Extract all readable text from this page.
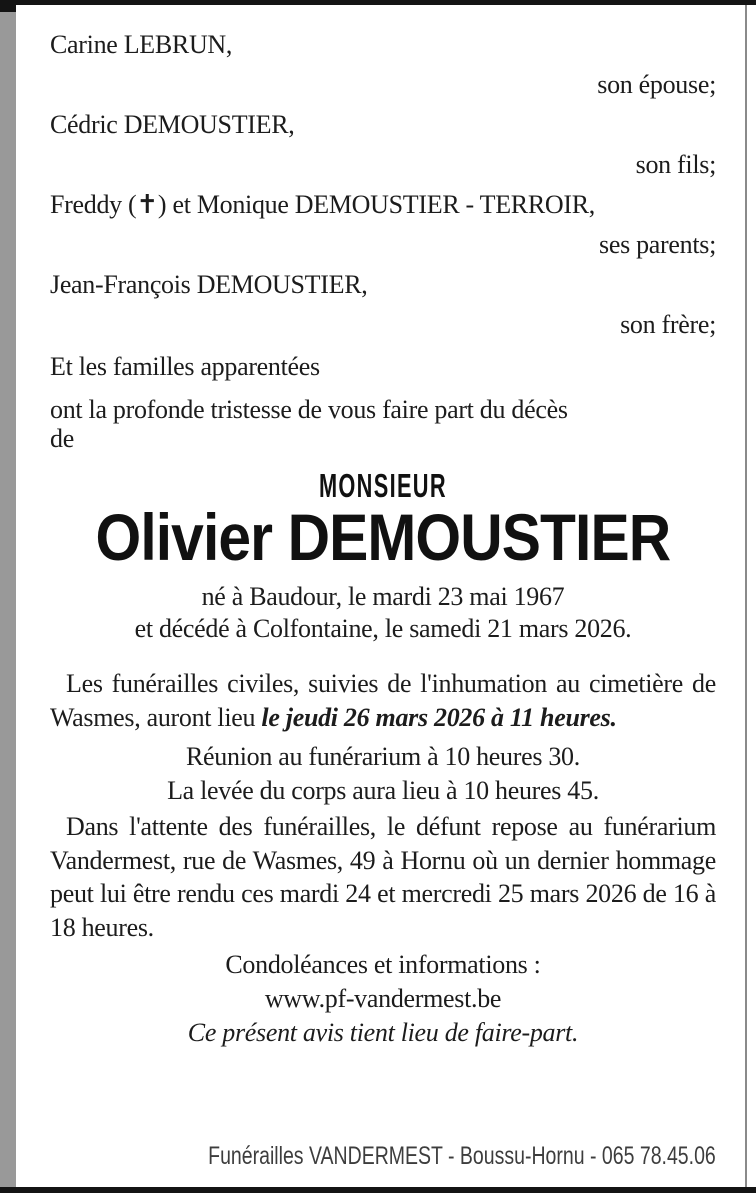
Carine LEBRUN,
son épouse;
Cédric DEMOUSTIER,
son fils;
Freddy (✝) et Monique DEMOUSTIER - TERROIR,
ses parents;
Jean-François DEMOUSTIER,
son frère;
Et les familles apparentées
ont la profonde tristesse de vous faire part du décès
de
MONSIEUR
Olivier DEMOUSTIER
né à Baudour, le mardi 23 mai 1967
et décédé à Colfontaine, le samedi 21 mars 2026.
Les funérailles civiles, suivies de l'inhumation au cimetière de Wasmes, auront lieu le jeudi 26 mars 2026 à 11 heures.
Réunion au funérarium à 10 heures 30.
La levée du corps aura lieu à 10 heures 45.
Dans l'attente des funérailles, le défunt repose au funérarium Vandermest, rue de Wasmes, 49 à Hornu où un dernier hommage peut lui être rendu ces mardi 24 et mercredi 25 mars 2026 de 16 à 18 heures.
Condoléances et informations :
www.pf-vandermest.be
Ce présent avis tient lieu de faire-part.
Funérailles VANDERMEST - Boussu-Hornu - 065 78.45.06
